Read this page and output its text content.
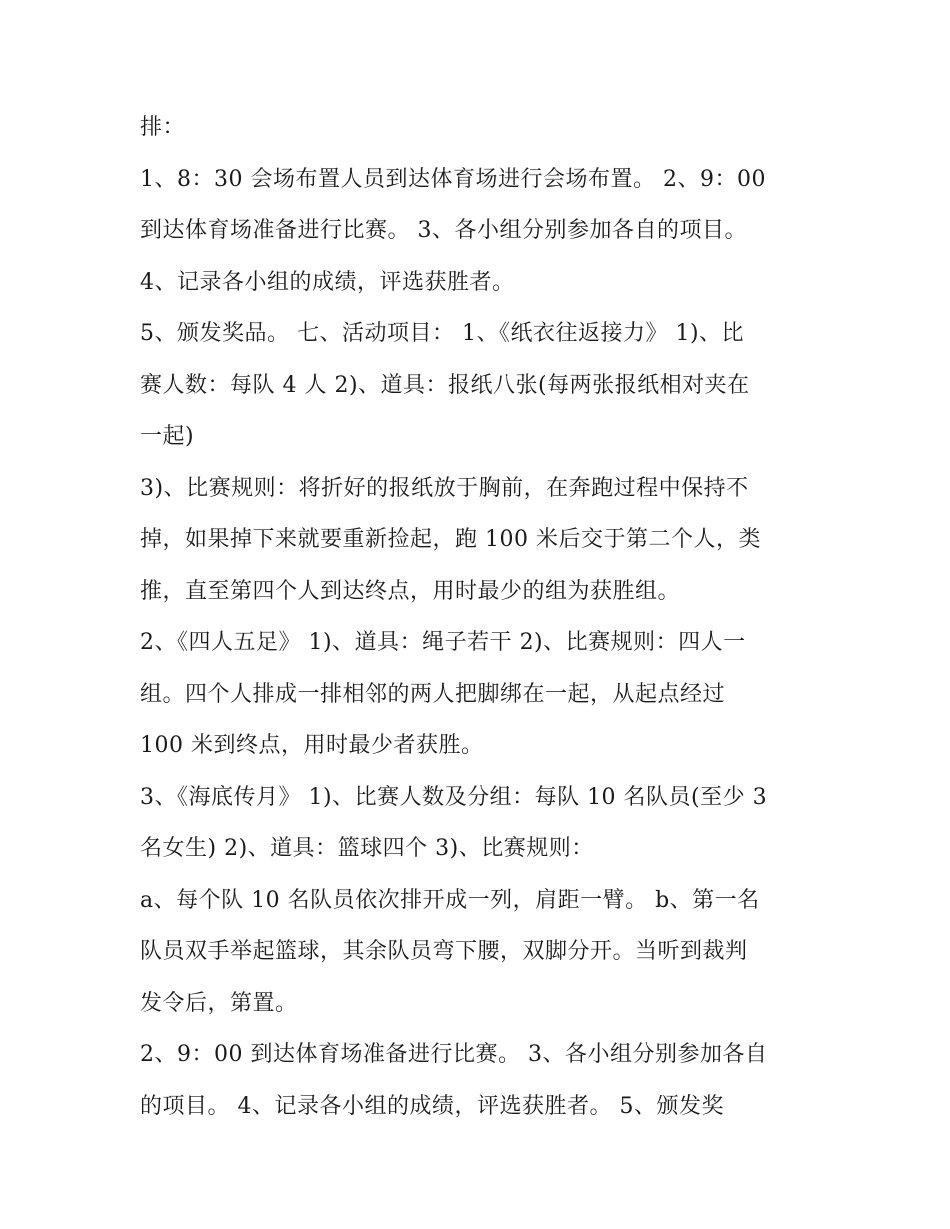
排：
1、8：30 会场布置人员到达体育场进行会场布置。 2、9：00
到达体育场准备进行比赛。 3、各小组分别参加各自的项目。
4、记录各小组的成绩，评选获胜者。
5、颁发奖品。 七、活动项目： 1、《纸衣往返接力》 1)、比
赛人数：每队 4 人 2)、道具：报纸八张(每两张报纸相对夹在
一起)
3)、比赛规则：将折好的报纸放于胸前，在奔跑过程中保持不
掉，如果掉下来就要重新捡起，跑 100 米后交于第二个人，类
推，直至第四个人到达终点，用时最少的组为获胜组。
2、《四人五足》 1)、道具：绳子若干 2)、比赛规则：四人一
组。四个人排成一排相邻的两人把脚绑在一起，从起点经过
100 米到终点，用时最少者获胜。
3、《海底传月》 1)、比赛人数及分组：每队 10 名队员(至少 3
名女生) 2)、道具：篮球四个 3)、比赛规则：
a、每个队 10 名队员依次排开成一列，肩距一臂。 b、第一名
队员双手举起篮球，其余队员弯下腰，双脚分开。当听到裁判
发令后，第置。
2、9：00 到达体育场准备进行比赛。 3、各小组分别参加各自
的项目。 4、记录各小组的成绩，评选获胜者。 5、颁发奖
